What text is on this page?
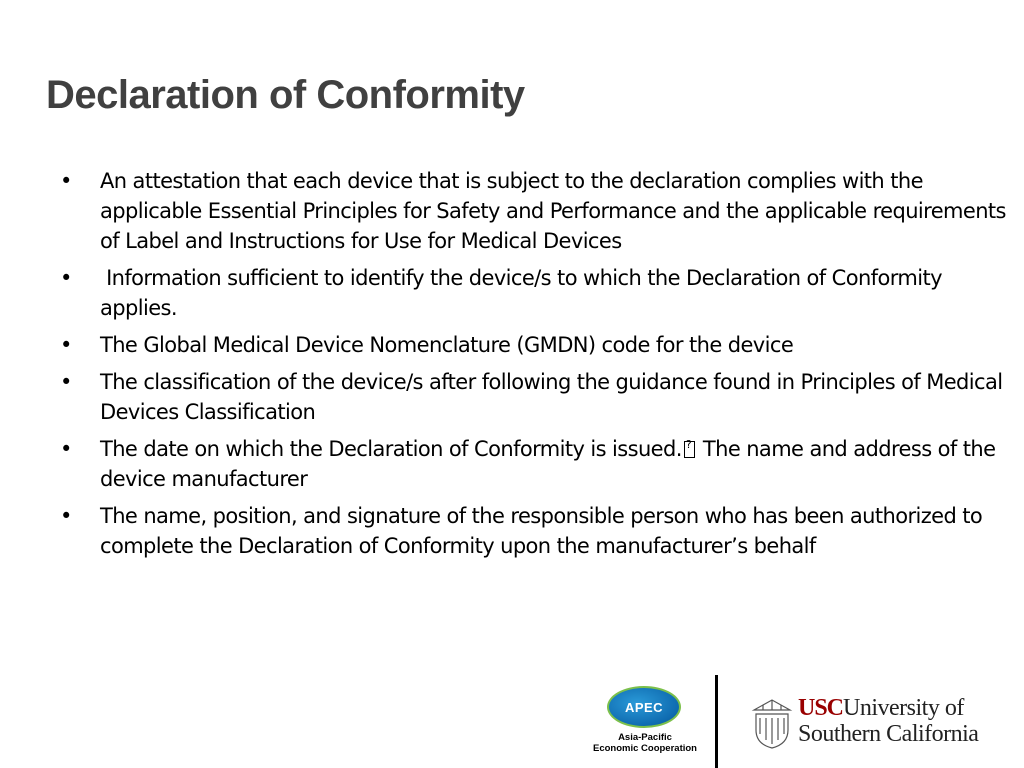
Declaration of Conformity
• An attestation that each device that is subject to the declaration complies with the applicable Essential Principles for Safety and Performance and the applicable requirements of Label and Instructions for Use for Medical Devices
• Information sufficient to identify the device/s to which the Declaration of Conformity applies.
• The Global Medical Device Nomenclature (GMDN) code for the device
• The classification of the device/s after following the guidance found in Principles of Medical Devices Classification
• The date on which the Declaration of Conformity is issued.? The name and address of the device manufacturer
• The name, position, and signature of the responsible person who has been authorized to complete the Declaration of Conformity upon the manufacturer’s behalf
APEC
Asia-Pacific
Economic Cooperation
USCUniversity of
Southern California
